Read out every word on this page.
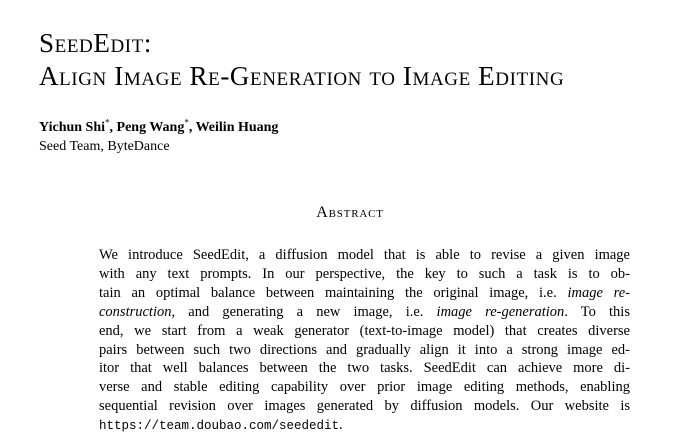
SeedEdit:
Align Image Re-Generation to Image Editing
Yichun Shi*, Peng Wang*, Weilin Huang
Seed Team, ByteDance
Abstract
We introduce SeedEdit, a diffusion model that is able to revise a given image
with any text prompts. In our perspective, the key to such a task is to ob-
tain an optimal balance between maintaining the original image, i.e. image re-
construction, and generating a new image, i.e. image re-generation. To this
end, we start from a weak generator (text-to-image model) that creates diverse
pairs between such two directions and gradually align it into a strong image ed-
itor that well balances between the two tasks. SeedEdit can achieve more di-
verse and stable editing capability over prior image editing methods, enabling
sequential revision over images generated by diffusion models. Our website is
https://team.doubao.com/seededit.
